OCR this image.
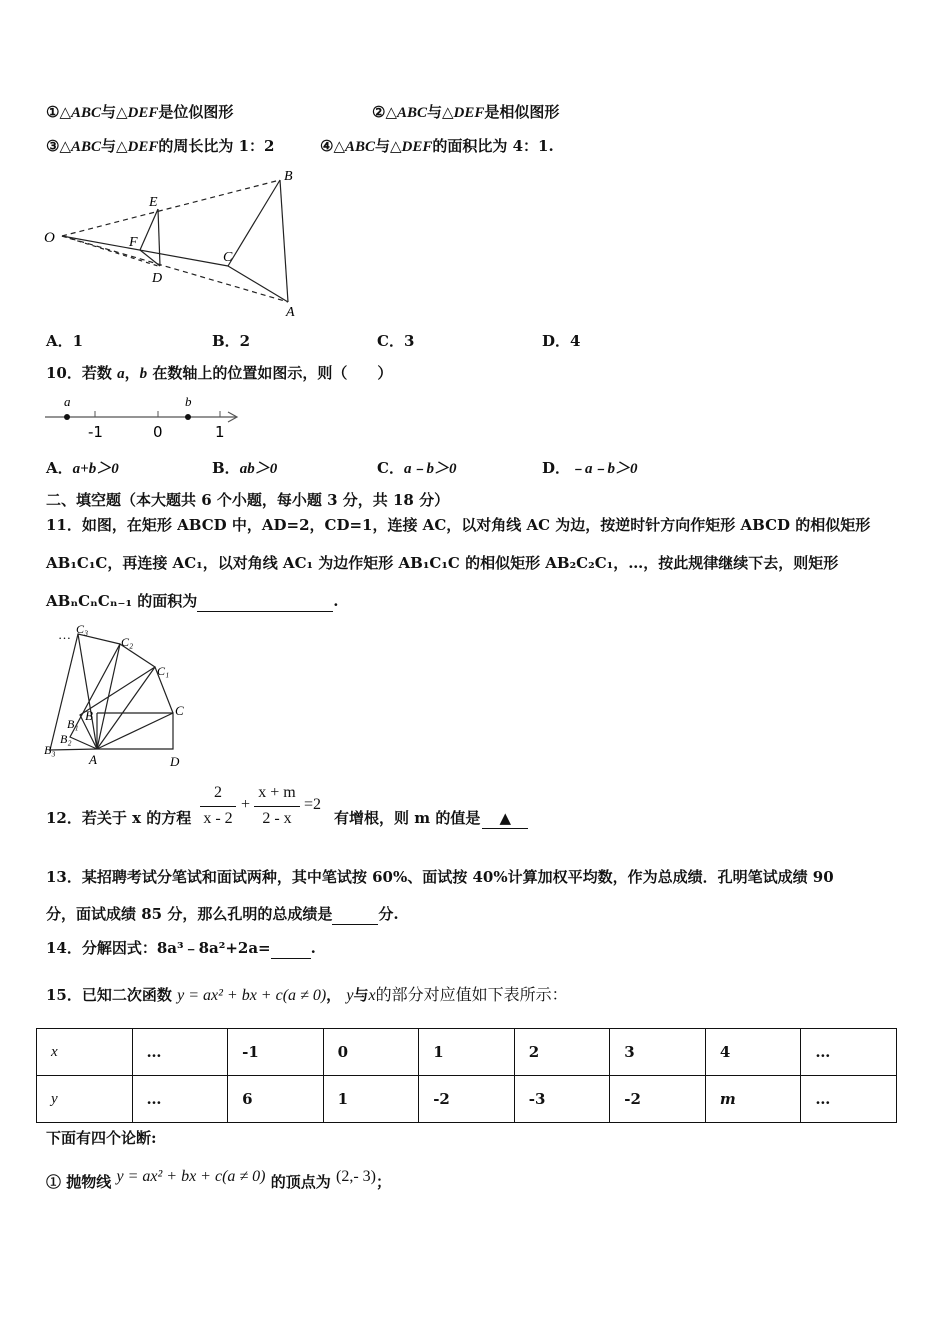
①△ABC与△DEF是位似图形	②△ABC与△DEF是相似图形
③△ABC与△DEF的周长比为 1：2	④△ABC与△DEF的面积比为 4：1.
O
E
F
D
C
B
A
A．1	B．2	C．3	D．4
10．若数 a，b 在数轴上的位置如图示，则（　　）
a	b
-1	0	1
A．a+b＞0	B．ab＞0	C．a﹣b＞0	D．﹣a﹣b＞0
二、填空题（本大题共 6 个小题，每小题 3 分，共 18 分）
11．如图，在矩形 ABCD 中，AD=2，CD=1，连接 AC，以对角线 AC 为边，按逆时针方向作矩形 ABCD 的相似矩形
AB₁C₁C，再连接 AC₁，以对角线 AC₁ 为边作矩形 AB₁C₁C 的相似矩形 AB₂C₂C₁，…，按此规律继续下去，则矩形
ABₙCₙCₙ₋₁ 的面积为	.
… C₃
C₂
C₁
C
B
B₁
B₂
B₃
A	D
12．若关于 x 的方程
2
x - 2
+
x + m
2 - x
=2
有增根，则 m 的值是 ▲
13．某招聘考试分笔试和面试两种，其中笔试按 60%、面试按 40%计算加权平均数，作为总成绩．孔明笔试成绩 90
分，面试成绩 85 分，那么孔明的总成绩是	分.
14．分解因式：8a³﹣8a²+2a=	.
15．已知二次函数 y = ax² + bx + c(a ≠ 0)， y与x的部分对应值如下表所示：
x	…	-1	0	1	2	3	4	…
y	…	6	1	-2	-3	-2	m	…
下面有四个论断:
① 抛物线 y = ax² + bx + c(a ≠ 0) 的顶点为 (2,- 3)；
